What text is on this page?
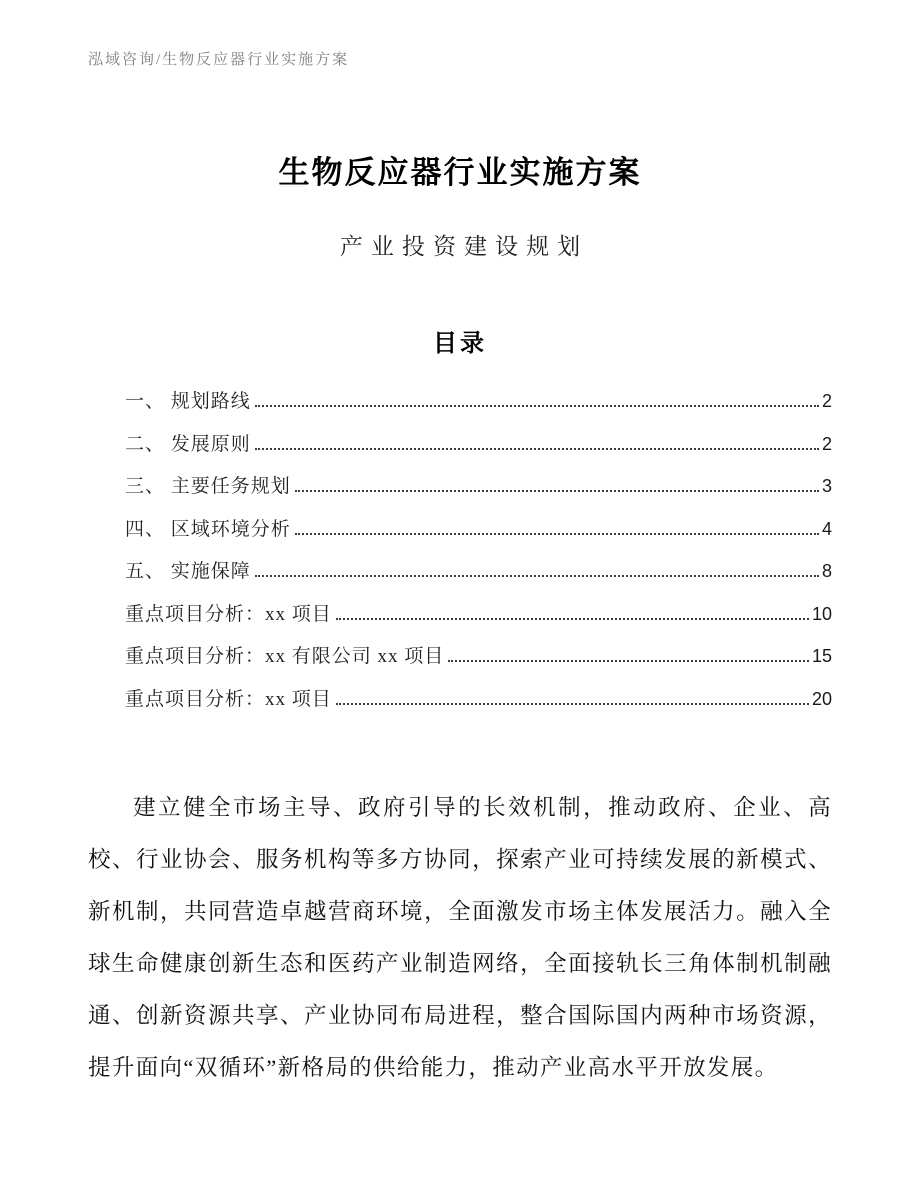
泓域咨询/生物反应器行业实施方案
生物反应器行业实施方案
产业投资建设规划
目录
一、 规划路线	2
二、 发展原则	2
三、 主要任务规划	3
四、 区域环境分析	4
五、 实施保障	8
重点项目分析：xx 项目	10
重点项目分析：xx 有限公司 xx 项目	15
重点项目分析：xx 项目	20

建立健全市场主导、政府引导的长效机制，推动政府、企业、高校、行业协会、服务机构等多方协同，探索产业可持续发展的新模式、新机制，共同营造卓越营商环境，全面激发市场主体发展活力。融入全球生命健康创新生态和医药产业制造网络，全面接轨长三角体制机制融通、创新资源共享、产业协同布局进程，整合国际国内两种市场资源，提升面向“双循环”新格局的供给能力，推动产业高水平开放发展。
